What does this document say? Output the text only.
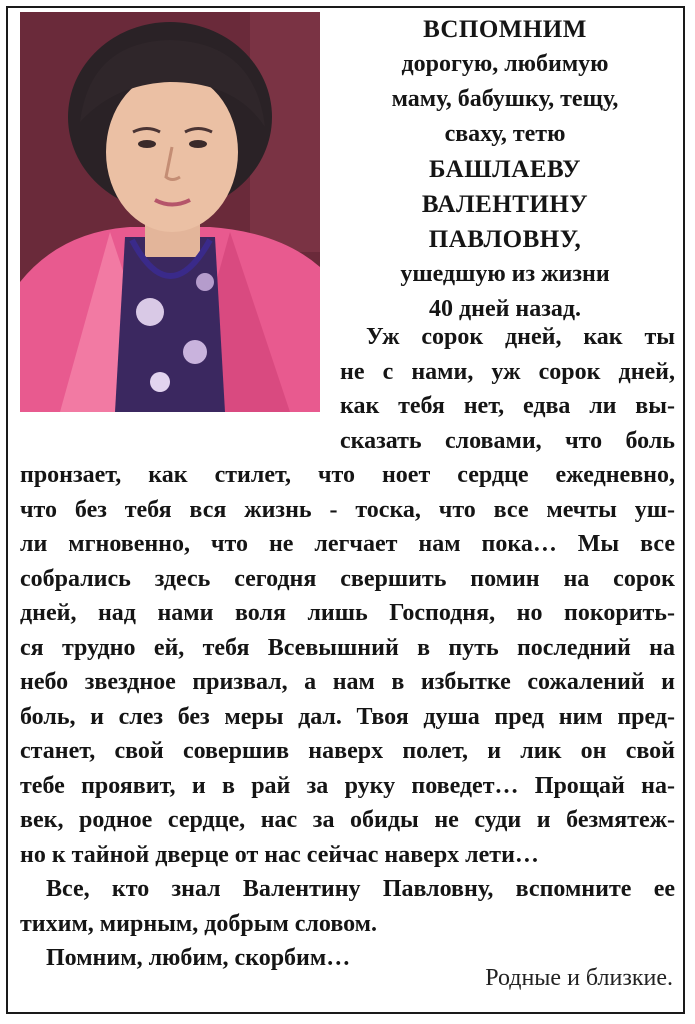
ВСПОМНИМ
дорогую, любимую
маму, бабушку, тещу,
сваху, тетю
БАШЛАЕВУ
ВАЛЕНТИНУ
ПАВЛОВНУ,
ушедшую из жизни
40 дней назад.
Уж сорок дней, как ты
не с нами, уж сорок дней,
как тебя нет, едва ли вы-
сказать словами, что боль
пронзает, как стилет, что ноет сердце ежедневно,
что без тебя вся жизнь - тоска, что все мечты уш-
ли мгновенно, что не легчает нам пока… Мы все
собрались здесь сегодня свершить помин на сорок
дней, над нами воля лишь Господня, но покорить-
ся трудно ей, тебя Всевышний в путь последний на
небо звездное призвал, а нам в избытке сожалений и
боль, и слез без меры дал. Твоя душа пред ним пред-
станет, свой совершив наверх полет, и лик он свой
тебе проявит, и в рай за руку поведет… Прощай на-
век, родное сердце, нас за обиды не суди и безмятеж-
но к тайной дверце от нас сейчас наверх лети…
Все, кто знал Валентину Павловну, вспомните ее
тихим, мирным, добрым словом.
Помним, любим, скорбим…
Родные и близкие.
